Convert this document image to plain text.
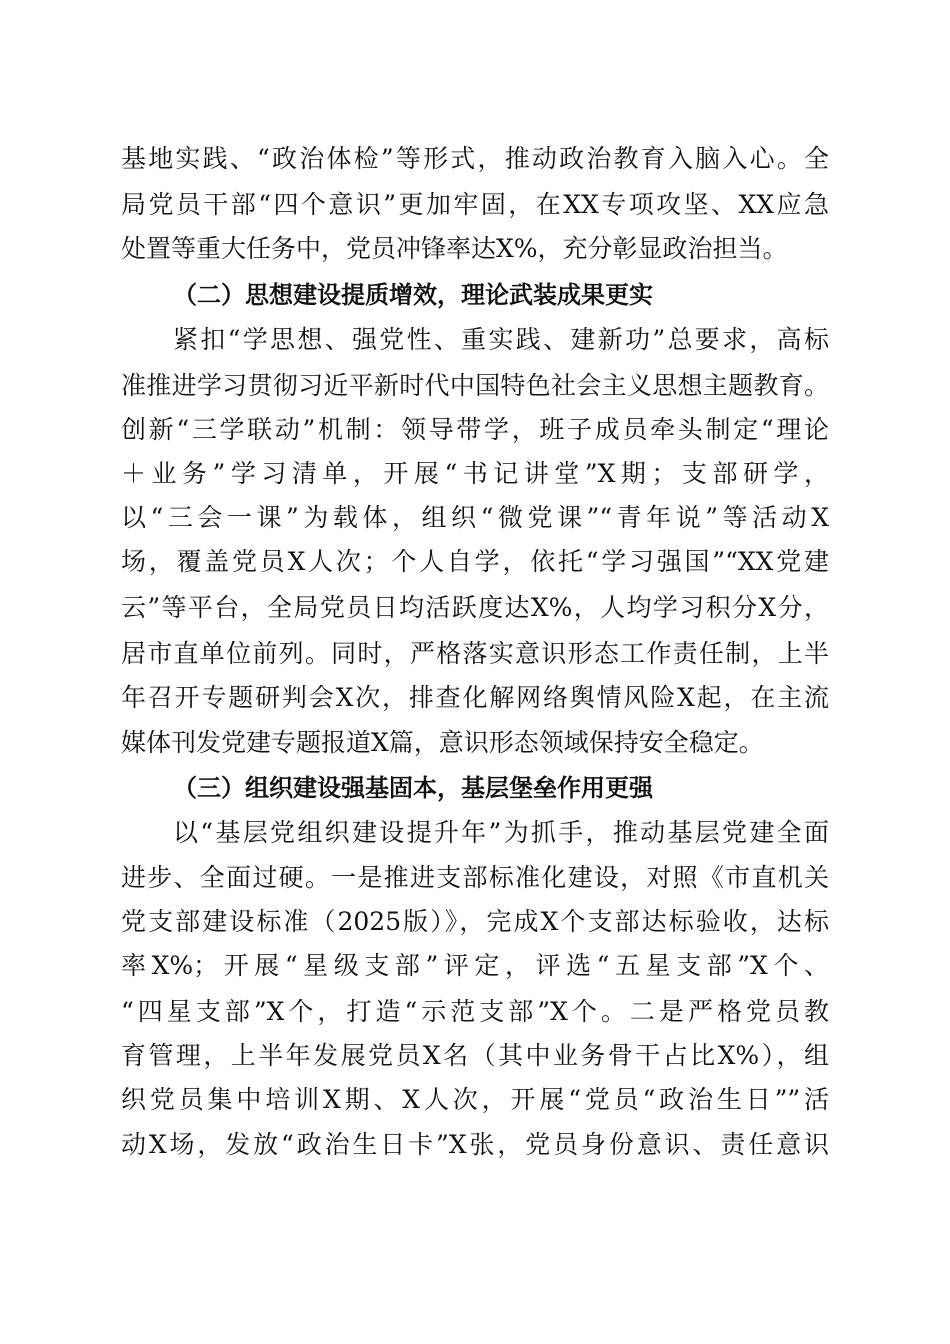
基地实践、“政治体检”等形式，推动政治教育入脑入心。全
局党员干部“四个意识”更加牢固，在XX专项攻坚、XX应急
处置等重大任务中，党员冲锋率达X%，充分彰显政治担当。
（二）思想建设提质增效，理论武装成果更实
紧扣“学思想、强党性、重实践、建新功”总要求，高标
准推进学习贯彻习近平新时代中国特色社会主义思想主题教育。
创新“三学联动”机制：领导带学，班子成员牵头制定“理论
＋业务”学习清单，开展“书记讲堂”X期；支部研学，
以“三会一课”为载体，组织“微党课”“青年说”等活动X
场，覆盖党员X人次；个人自学，依托“学习强国”“XX党建
云”等平台，全局党员日均活跃度达X%，人均学习积分X分，
居市直单位前列。同时，严格落实意识形态工作责任制，上半
年召开专题研判会X次，排查化解网络舆情风险X起，在主流
媒体刊发党建专题报道X篇，意识形态领域保持安全稳定。
（三）组织建设强基固本，基层堡垒作用更强
以“基层党组织建设提升年”为抓手，推动基层党建全面
进步、全面过硬。一是推进支部标准化建设，对照《市直机关
党支部建设标准（2025版）》，完成X个支部达标验收，达标
率X%；开展“星级支部”评定，评选“五星支部”X个、
“四星支部”X个，打造“示范支部”X个。二是严格党员教
育管理，上半年发展党员X名（其中业务骨干占比X%），组
织党员集中培训X期、X人次，开展“党员“政治生日””活
动X场，发放“政治生日卡”X张，党员身份意识、责任意识
